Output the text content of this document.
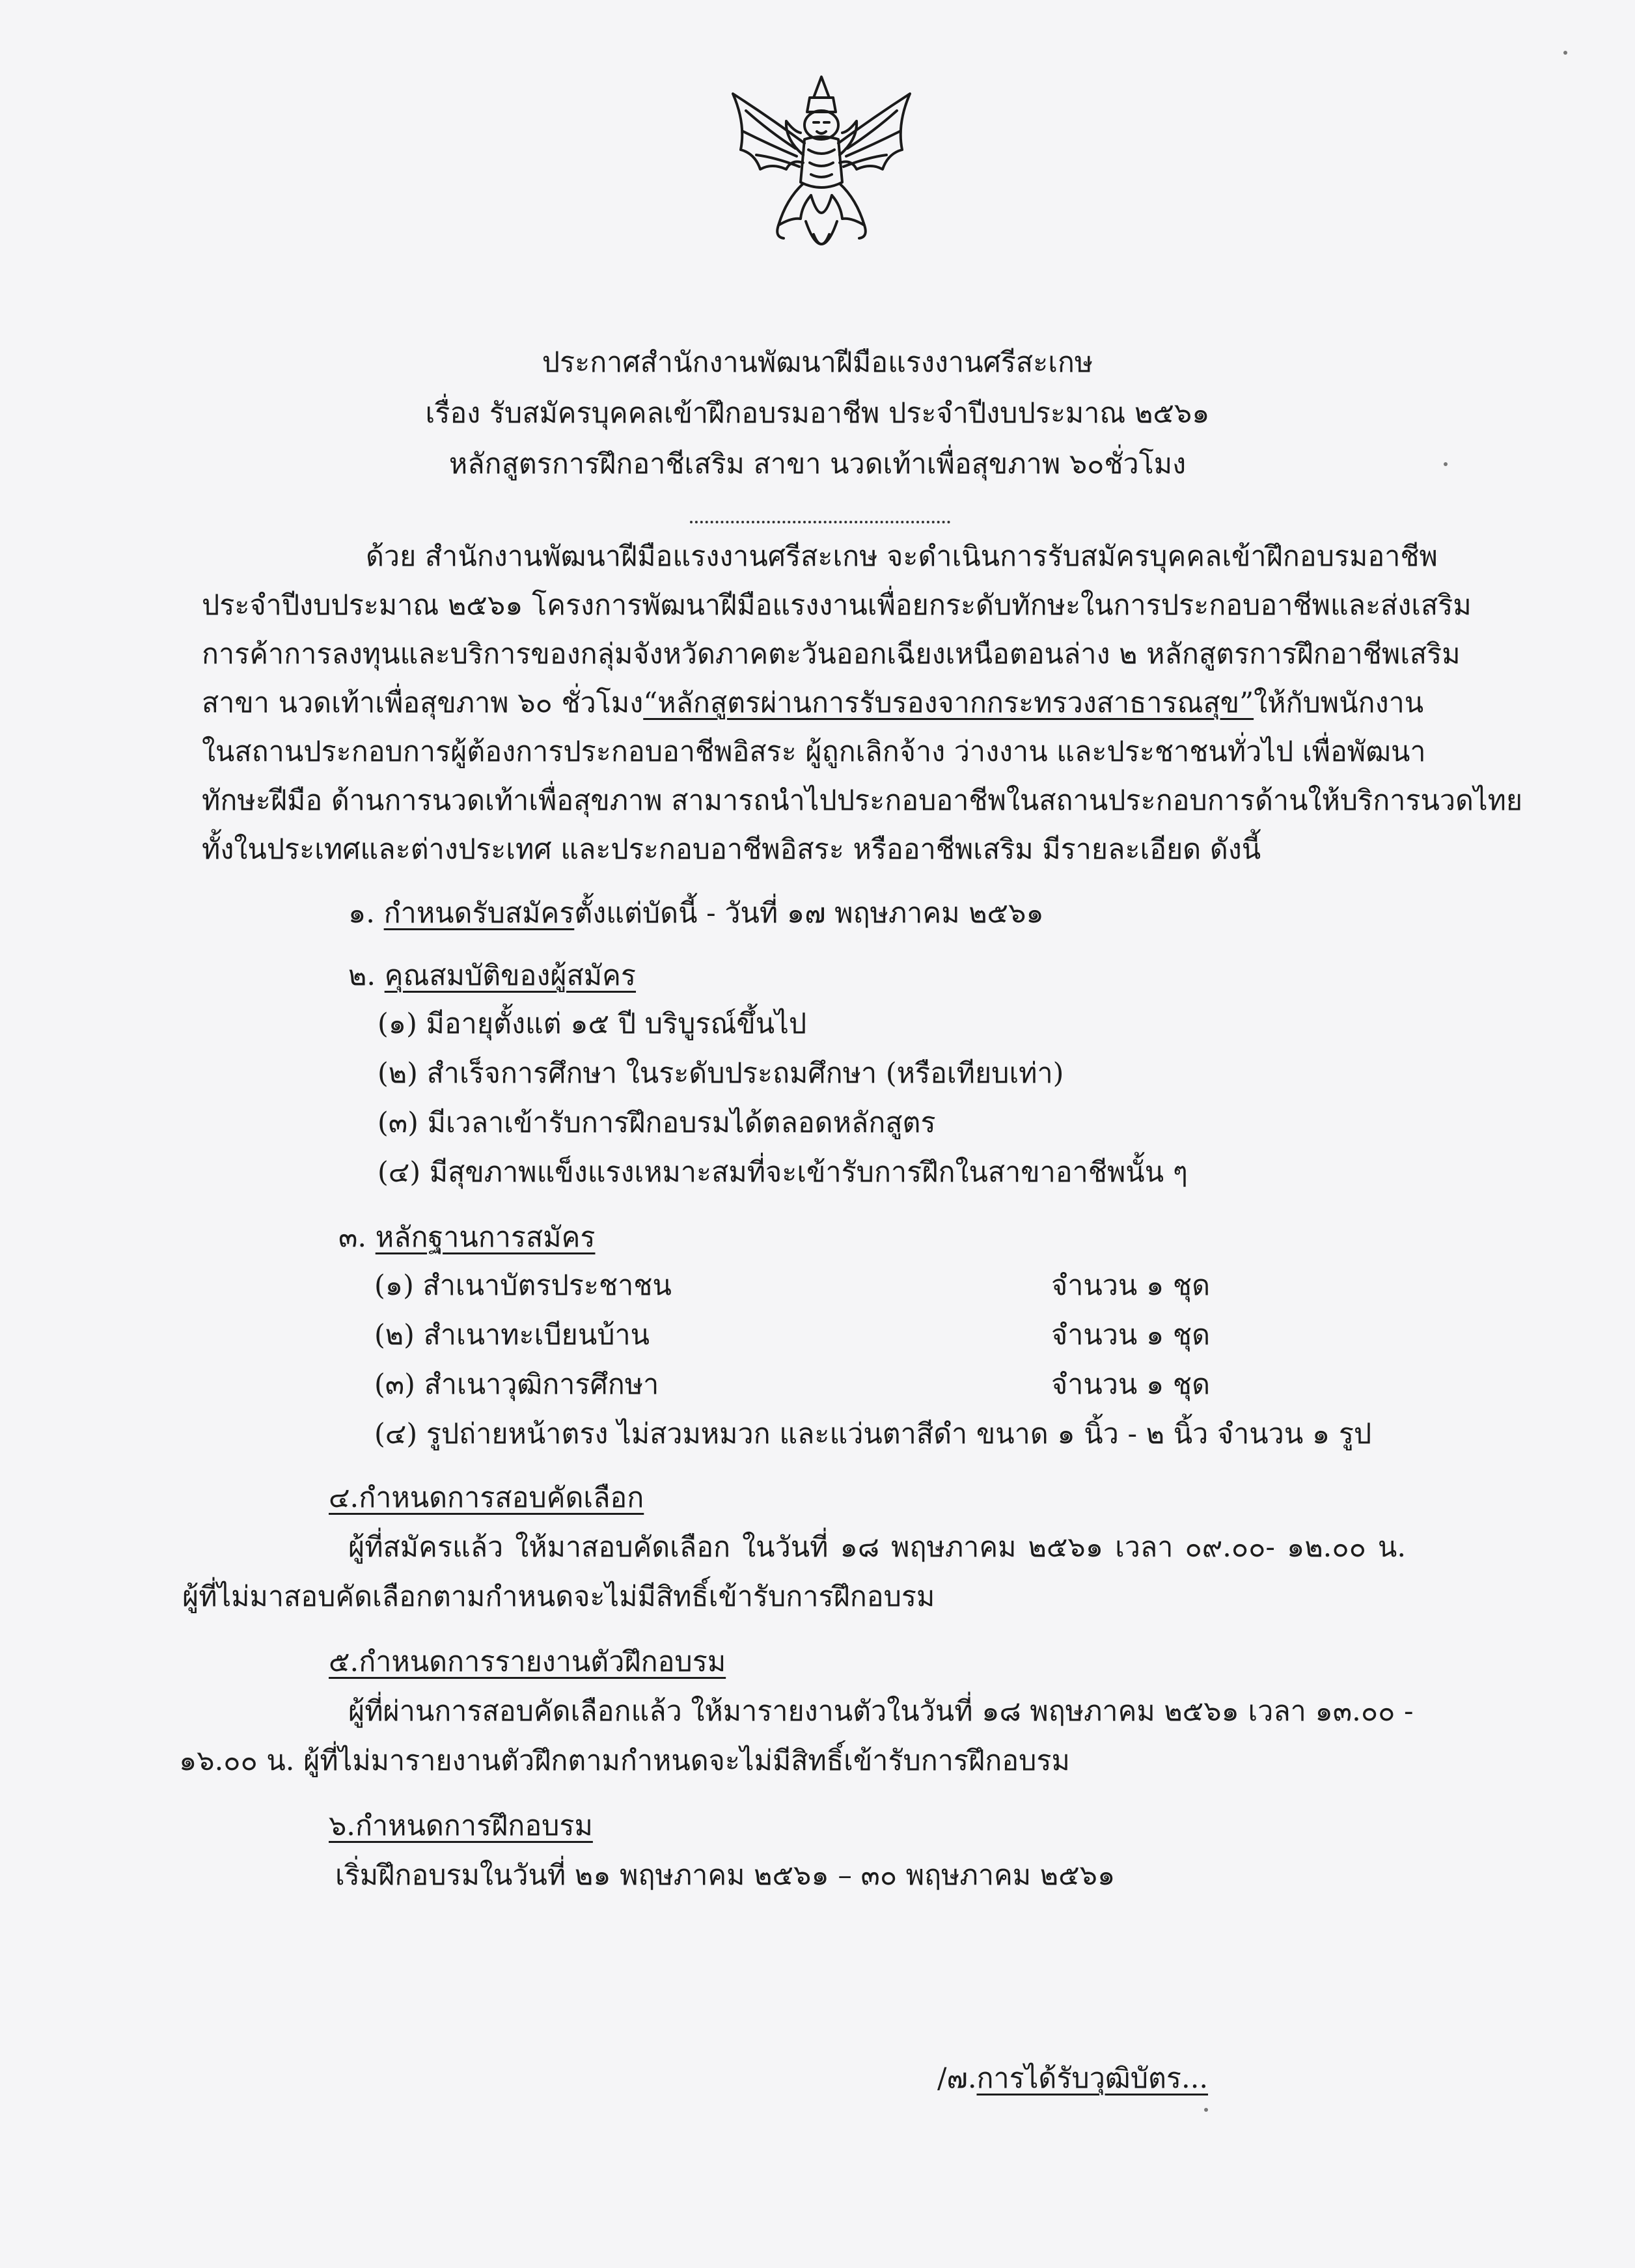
ประกาศสำนักงานพัฒนาฝีมือแรงงานศรีสะเกษ
เรื่อง รับสมัครบุคคลเข้าฝึกอบรมอาชีพ ประจำปีงบประมาณ ๒๕๖๑
หลักสูตรการฝึกอาชีเสริม สาขา นวดเท้าเพื่อสุขภาพ ๖๐ชั่วโมง
ด้วย สำนักงานพัฒนาฝีมือแรงงานศรีสะเกษ จะดำเนินการรับสมัครบุคคลเข้าฝึกอบรมอาชีพ
ประจำปีงบประมาณ ๒๕๖๑ โครงการพัฒนาฝีมือแรงงานเพื่อยกระดับทักษะในการประกอบอาชีพและส่งเสริม
การค้าการลงทุนและบริการของกลุ่มจังหวัดภาคตะวันออกเฉียงเหนือตอนล่าง ๒ หลักสูตรการฝึกอาชีพเสริม
สาขา นวดเท้าเพื่อสุขภาพ ๖๐ ชั่วโมง “หลักสูตรผ่านการรับรองจากกระทรวงสาธารณสุข” ให้กับพนักงาน
ในสถานประกอบการผู้ต้องการประกอบอาชีพอิสระ ผู้ถูกเลิกจ้าง ว่างงาน และประชาชนทั่วไป เพื่อพัฒนา
ทักษะฝีมือ ด้านการนวดเท้าเพื่อสุขภาพ สามารถนำไปประกอบอาชีพในสถานประกอบการด้านให้บริการนวดไทย
ทั้งในประเทศและต่างประเทศ และประกอบอาชีพอิสระ หรืออาชีพเสริม มีรายละเอียด ดังนี้
๑. กำหนดรับสมัครตั้งแต่บัดนี้ - วันที่ ๑๗ พฤษภาคม ๒๕๖๑
๒. คุณสมบัติของผู้สมัคร
(๑) มีอายุตั้งแต่ ๑๕ ปี บริบูรณ์ขึ้นไป
(๒) สำเร็จการศึกษา ในระดับประถมศึกษา (หรือเทียบเท่า)
(๓) มีเวลาเข้ารับการฝึกอบรมได้ตลอดหลักสูตร
(๔) มีสุขภาพแข็งแรงเหมาะสมที่จะเข้ารับการฝึกในสาขาอาชีพนั้น ๆ
๓. หลักฐานการสมัคร
(๑) สำเนาบัตรประชาชน	จำนวน ๑ ชุด
(๒) สำเนาทะเบียนบ้าน	จำนวน ๑ ชุด
(๓) สำเนาวุฒิการศึกษา	จำนวน ๑ ชุด
(๔) รูปถ่ายหน้าตรง ไม่สวมหมวก และแว่นตาสีดำ ขนาด ๑ นิ้ว - ๒ นิ้ว จำนวน ๑ รูป
๔.กำหนดการสอบคัดเลือก
ผู้ที่สมัครแล้ว ให้มาสอบคัดเลือก ในวันที่ ๑๘ พฤษภาคม ๒๕๖๑ เวลา ๐๙.๐๐- ๑๒.๐๐ น.
ผู้ที่ไม่มาสอบคัดเลือกตามกำหนดจะไม่มีสิทธิ์เข้ารับการฝึกอบรม
๕.กำหนดการรายงานตัวฝึกอบรม
ผู้ที่ผ่านการสอบคัดเลือกแล้ว ให้มารายงานตัวในวันที่ ๑๘ พฤษภาคม ๒๕๖๑ เวลา ๑๓.๐๐ -
๑๖.๐๐ น. ผู้ที่ไม่มารายงานตัวฝึกตามกำหนดจะไม่มีสิทธิ์เข้ารับการฝึกอบรม
๖.กำหนดการฝึกอบรม
เริ่มฝึกอบรมในวันที่ ๒๑ พฤษภาคม ๒๕๖๑ – ๓๐ พฤษภาคม ๒๕๖๑
/๗.การได้รับวุฒิบัตร...
